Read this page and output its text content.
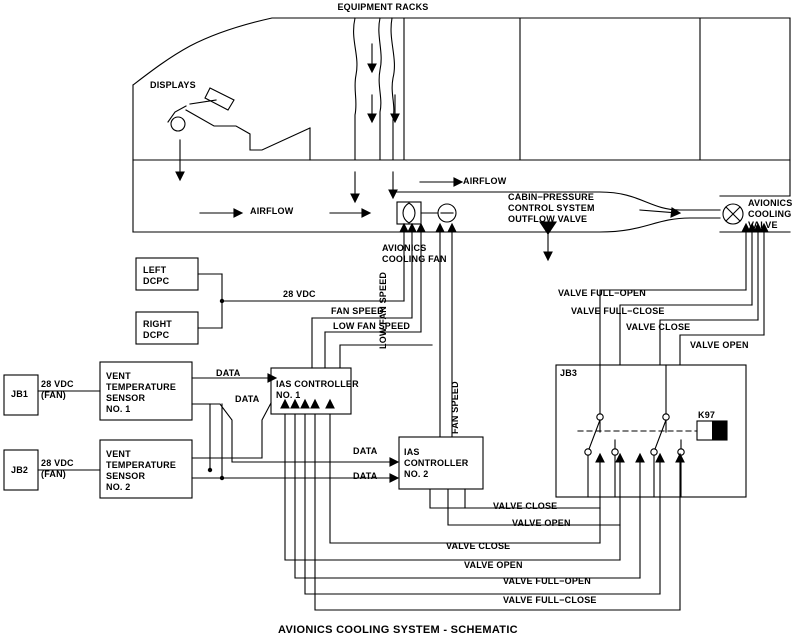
EQUIPMENT RACKS
DISPLAYS
AIRFLOW
AIRFLOW
AVIONICS
COOLING FAN
CABIN−PRESSURE
CONTROL SYSTEM
OUTFLOW VALVE
AVIONICS
COOLING
VALVE
LEFT
DCPC
RIGHT
DCPC
JB1
JB2
VENT
TEMPERATURE
SENSOR
NO. 1
VENT
TEMPERATURE
SENSOR
NO. 2
IAS CONTROLLER
NO. 1
IAS
CONTROLLER
NO. 2
JB3
K97
28 VDC
(FAN)
28 VDC
(FAN)
28 VDC
FAN SPEED
LOW FAN SPEED
LOW FAN SPEED
FAN SPEED
DATA
DATA
DATA
DATA
VALVE FULL−OPEN
VALVE FULL−CLOSE
VALVE CLOSE
VALVE OPEN
VALVE CLOSE
VALVE OPEN
VALVE CLOSE
VALVE OPEN
VALVE FULL−OPEN
VALVE FULL−CLOSE
AVIONICS COOLING SYSTEM - SCHEMATIC
